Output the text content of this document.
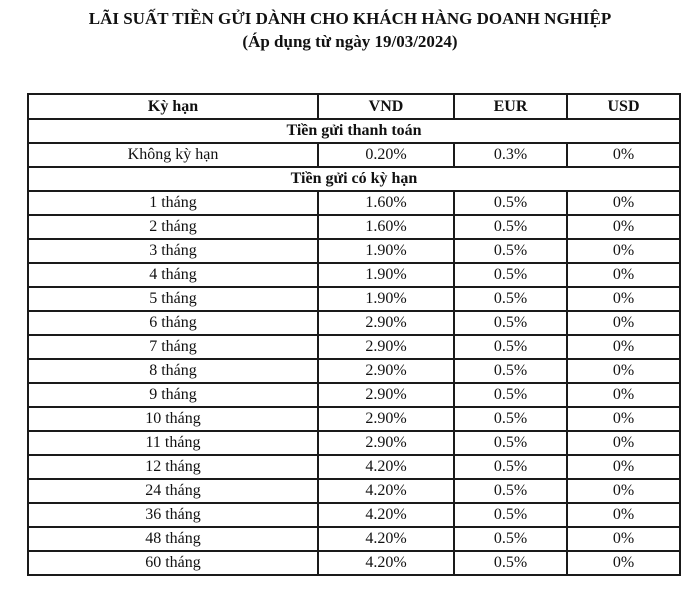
LÃI SUẤT TIỀN GỬI DÀNH CHO KHÁCH HÀNG DOANH NGHIỆP
(Áp dụng từ ngày 19/03/2024)
Kỳ hạn	VND	EUR	USD
Tiền gửi thanh toán			
Không kỳ hạn	0.20%	0.3%	0%
Tiền gửi có kỳ hạn			
1 tháng	1.60%	0.5%	0%
2 tháng	1.60%	0.5%	0%
3 tháng	1.90%	0.5%	0%
4 tháng	1.90%	0.5%	0%
5 tháng	1.90%	0.5%	0%
6 tháng	2.90%	0.5%	0%
7 tháng	2.90%	0.5%	0%
8 tháng	2.90%	0.5%	0%
9 tháng	2.90%	0.5%	0%
10 tháng	2.90%	0.5%	0%
11 tháng	2.90%	0.5%	0%
12 tháng	4.20%	0.5%	0%
24 tháng	4.20%	0.5%	0%
36 tháng	4.20%	0.5%	0%
48 tháng	4.20%	0.5%	0%
60 tháng	4.20%	0.5%	0%
